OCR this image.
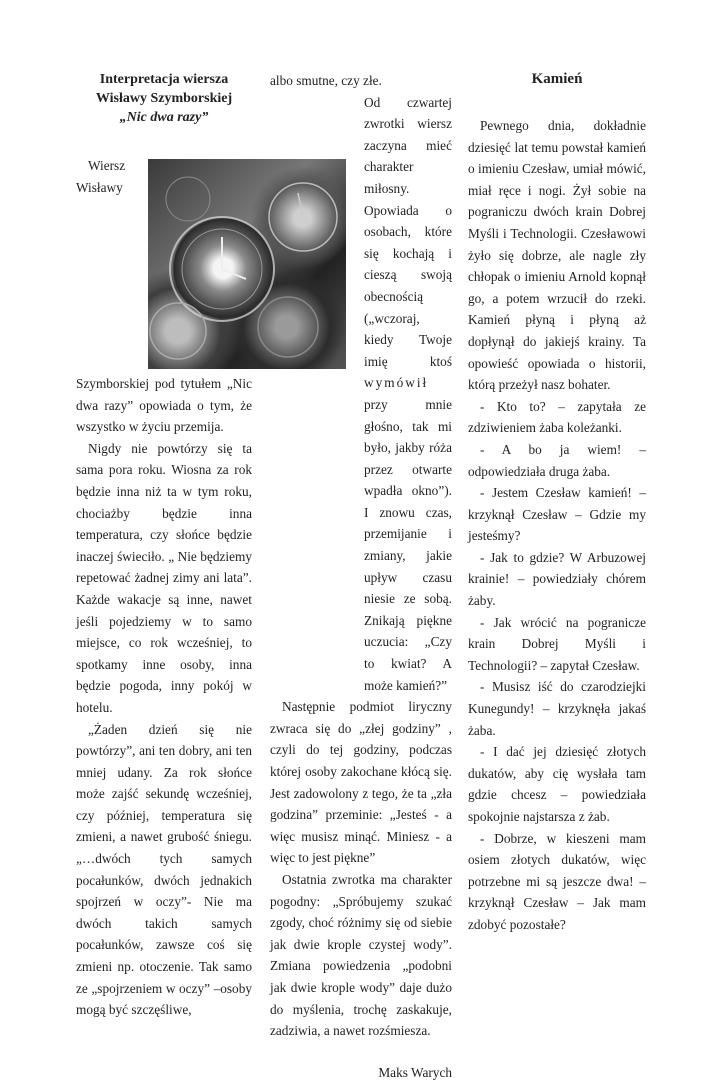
Interpretacja wiersza

Wisławy Szymborskiej

„Nic dwa razy”

Wiersz Wisławy Szymborskiej pod tytułem „Nic dwa razy” opowiada o tym, że wszystko w życiu przemija.

Nigdy nie powtórzy się ta sama pora roku. Wiosna za rok będzie inna niż ta w tym roku, chociażby będzie inna temperatura, czy słońce będzie inaczej świeciło. „ Nie będziemy repetować żadnej zimy ani lata”. Każde wakacje są inne, nawet jeśli pojedziemy w to samo miejsce, co rok wcześniej, to spotkamy inne osoby, inna będzie pogoda, inny pokój w hotelu.

„Żaden dzień się nie powtórzy”, ani ten dobry, ani ten mniej udany. Za rok słońce może zajść sekundę wcześniej, czy później, temperatura się zmieni, a nawet grubość śniegu. „…dwóch tych samych pocałunków, dwóch jednakich spojrzeń w oczy”- Nie ma dwóch takich samych pocałunków, zawsze coś się zmieni np. otoczenie. Tak samo ze „spojrzeniem w oczy” –osoby mogą być szczęśliwe,

albo smutne, czy złe.

Od czwartej zwrotki wiersz zaczyna mieć charakter miłosny. Opowiada o osobach, które się kochają i cieszą swoją obecnością („wczoraj, kiedy Twoje imię ktoś wymówił przy mnie głośno, tak mi było, jakby róża przez otwarte wpadła okno”). I znowu czas, przemijanie i zmiany, jakie upływ czasu niesie ze sobą. Znikają piękne uczucia: „Czy to kwiat? A może kamień?”

Następnie podmiot liryczny zwraca się do „złej godziny” , czyli do tej godziny, podczas której osoby zakochane kłócą się. Jest zadowolony z tego, że ta „zła godzina” przeminie: „Jesteś - a więc musisz minąć. Miniesz - a więc to jest piękne”

Ostatnia zwrotka ma charakter pogodny: „Spróbujemy szukać zgody, choć różnimy się od siebie jak dwie krople czystej wody”. Zmiana powiedzenia „podobni jak dwie krople wody” daje dużo do myślenia, trochę zaskakuje, zadziwia, a nawet rozśmiesza.

Maks Warych

Kamień

Pewnego dnia, dokładnie dziesięć lat temu powstał kamień o imieniu Czesław, umiał mówić, miał ręce i nogi. Żył sobie na pograniczu dwóch krain Dobrej Myśli i Technologii. Czesławowi żyło się dobrze, ale nagle zły chłopak o imieniu Arnold kopnął go, a potem wrzucił do rzeki. Kamień płyną i płyną aż dopłynął do jakiejś krainy. Ta opowieść opowiada o historii, którą przeżył nasz bohater.

- Kto to? – zapytała ze zdziwieniem żaba koleżanki.

- A bo ja wiem! – odpowiedziała druga żaba.

- Jestem Czesław kamień! – krzyknął Czesław – Gdzie my jesteśmy?

- Jak to gdzie? W Arbuzowej krainie! – powiedziały chórem żaby.

- Jak wrócić na pogranicze krain Dobrej Myśli i Technologii? – zapytał Czesław.

- Musisz iść do czarodziejki Kunegundy! – krzyknęła jakaś żaba.

- I dać jej dziesięć złotych dukatów, aby cię wysłała tam gdzie chcesz – powiedziała spokojnie najstarsza z żab.

- Dobrze, w kieszeni mam osiem złotych dukatów, więc potrzebne mi są jeszcze dwa! – krzyknął Czesław – Jak mam zdobyć pozostałe?
